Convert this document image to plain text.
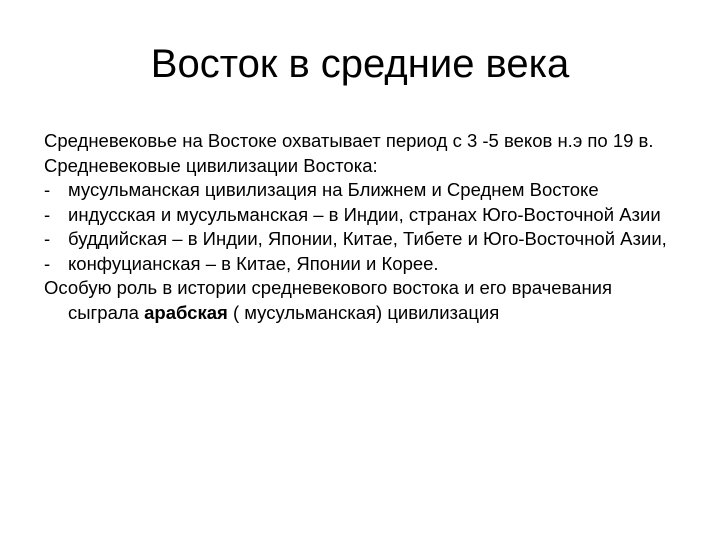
Восток в средние века

Средневековье на Востоке охватывает период с 3 -5 веков н.э по 19 в.

Средневековые цивилизации Востока:

- мусульманская цивилизация на Ближнем и Среднем Востоке

- индусская и мусульманская – в Индии, странах Юго-Восточной Азии

- буддийская – в Индии, Японии, Китае, Тибете и Юго-Восточной Азии,

- конфуцианская – в Китае, Японии и Корее.

Особую роль в истории средневекового востока и его врачевания сыграла арабская ( мусульманская) цивилизация
